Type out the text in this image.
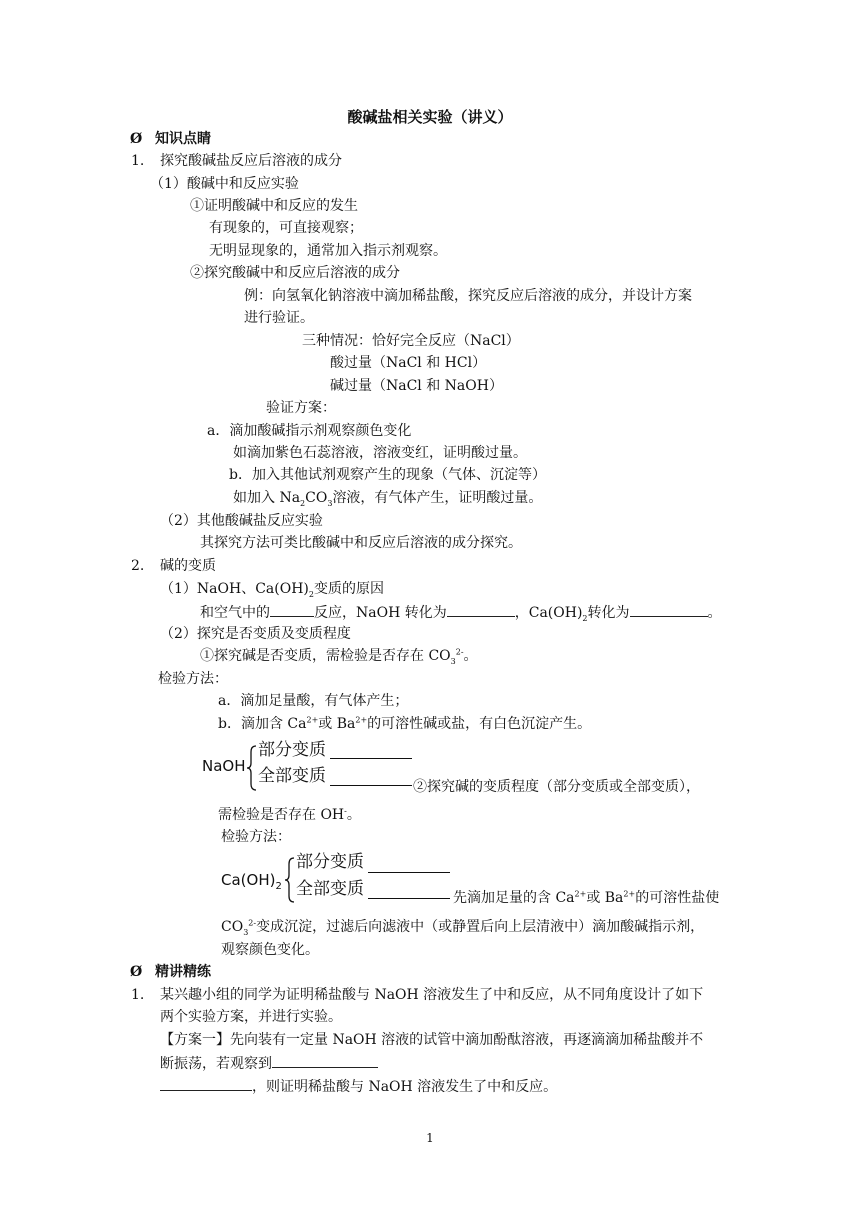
酸碱盐相关实验（讲义）
Ø 知识点睛
1. 探究酸碱盐反应后溶液的成分
（1）酸碱中和反应实验
①证明酸碱中和反应的发生
有现象的，可直接观察；
无明显现象的，通常加入指示剂观察。
②探究酸碱中和反应后溶液的成分
例：向氢氧化钠溶液中滴加稀盐酸，探究反应后溶液的成分，并设计方案
进行验证。
三种情况：恰好完全反应（NaCl）
酸过量（NaCl 和 HCl）
碱过量（NaCl 和 NaOH）
验证方案：
a．滴加酸碱指示剂观察颜色变化
如滴加紫色石蕊溶液，溶液变红，证明酸过量。
b．加入其他试剂观察产生的现象（气体、沉淀等）
如加入 $Na_2CO_3$溶液，有气体产生，证明酸过量。
（2）其他酸碱盐反应实验
其探究方法可类比酸碱中和反应后溶液的成分探究。
2. 碱的变质
（1）NaOH、$Ca(OH)_2$变质的原因
和空气中的	反应，NaOH 转化为	，$Ca(OH)_2$转化为	。
（2）探究是否变质及变质程度
①探究碱是否变质，需检验是否存在 $CO_3^{2-}$。
检验方法：
a．滴加足量酸，有气体产生；
b．滴加含 $Ca^{2+}$或 $Ba^{2+}$的可溶性碱或盐，有白色沉淀产生。
NaOH
部分变质
全部变质
②探究碱的变质程度（部分变质或全部变质），
需检验是否存在 OH-。
检验方法：
$Ca(OH)_2$
部分变质
全部变质	先滴加足量的含 $Ca^{2+}$或 $Ba^{2+}$的可溶性盐使
$CO_3^{2-}$变成沉淀，过滤后向滤液中（或静置后向上层清液中）滴加酸碱指示剂，
观察颜色变化。
Ø 精讲精练
1. 某兴趣小组的同学为证明稀盐酸与 NaOH 溶液发生了中和反应，从不同角度设计了如下
两个实验方案，并进行实验。
【方案一】先向装有一定量 NaOH 溶液的试管中滴加酚酞溶液，再逐滴滴加稀盐酸并不
断振荡，若观察到
，则证明稀盐酸与 NaOH 溶液发生了中和反应。
1
